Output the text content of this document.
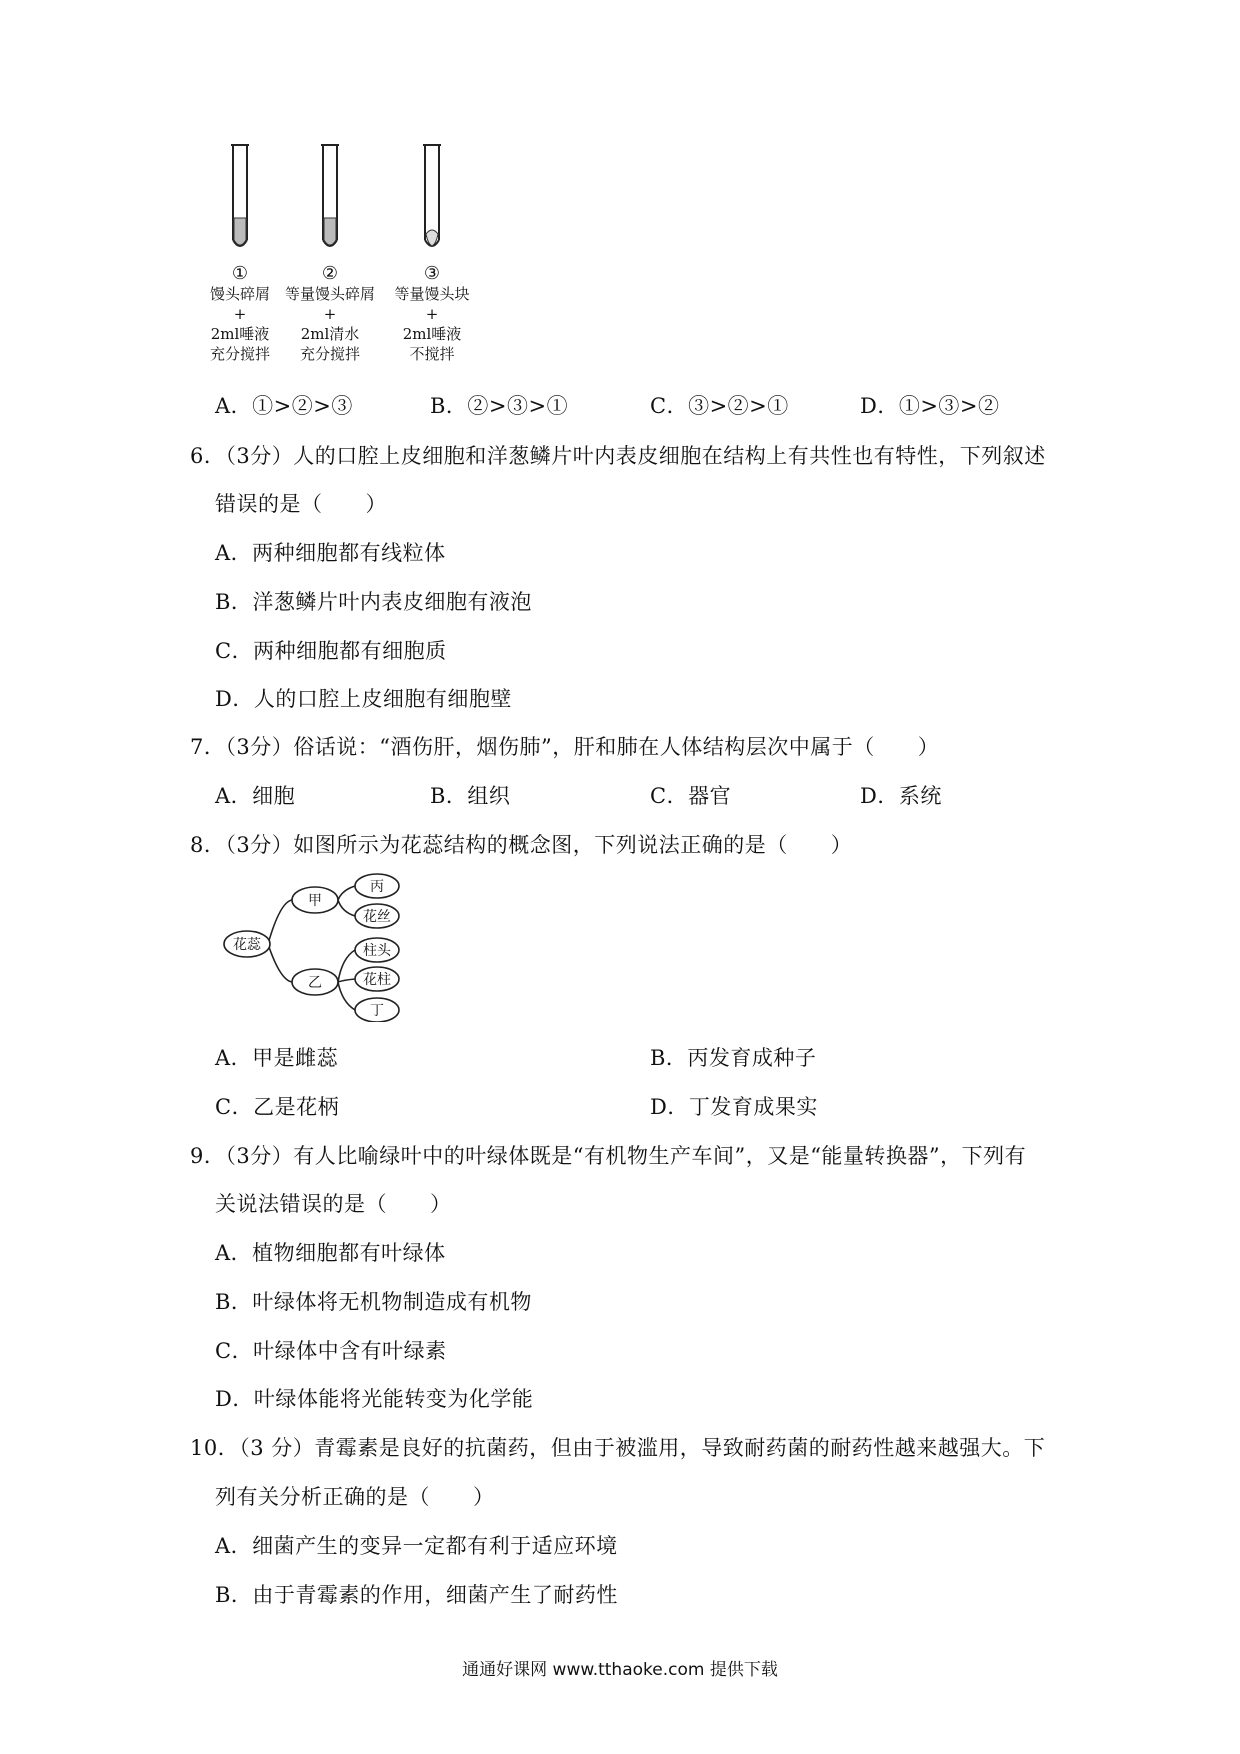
①
馒头碎屑
+
2ml唾液
充分搅拌
②
等量馒头碎屑
+
2ml清水
充分搅拌
③
等量馒头块
+
2ml唾液
不搅拌
A．①>②>③	B．②>③>①	C．③>②>①	D．①>③>②
6．（3分）人的口腔上皮细胞和洋葱鳞片叶内表皮细胞在结构上有共性也有特性，下列叙述
错误的是（　　）
A．两种细胞都有线粒体
B．洋葱鳞片叶内表皮细胞有液泡
C．两种细胞都有细胞质
D．人的口腔上皮细胞有细胞壁
7．（3分）俗话说：“酒伤肝，烟伤肺”，肝和肺在人体结构层次中属于（　　）
A．细胞	B．组织	C．器官	D．系统
8．（3分）如图所示为花蕊结构的概念图，下列说法正确的是（　　）
花蕊
甲
乙
丙
花丝
柱头
花柱
丁
A．甲是雌蕊	B．丙发育成种子
C．乙是花柄	D．丁发育成果实
9．（3分）有人比喻绿叶中的叶绿体既是“有机物生产车间”，又是“能量转换器”，下列有
关说法错误的是（　　）
A．植物细胞都有叶绿体
B．叶绿体将无机物制造成有机物
C．叶绿体中含有叶绿素
D．叶绿体能将光能转变为化学能
10．（3 分）青霉素是良好的抗菌药，但由于被滥用，导致耐药菌的耐药性越来越强大。下
列有关分析正确的是（　　）
A．细菌产生的变异一定都有利于适应环境
B．由于青霉素的作用，细菌产生了耐药性
通通好课网 www.tthaoke.com 提供下载
